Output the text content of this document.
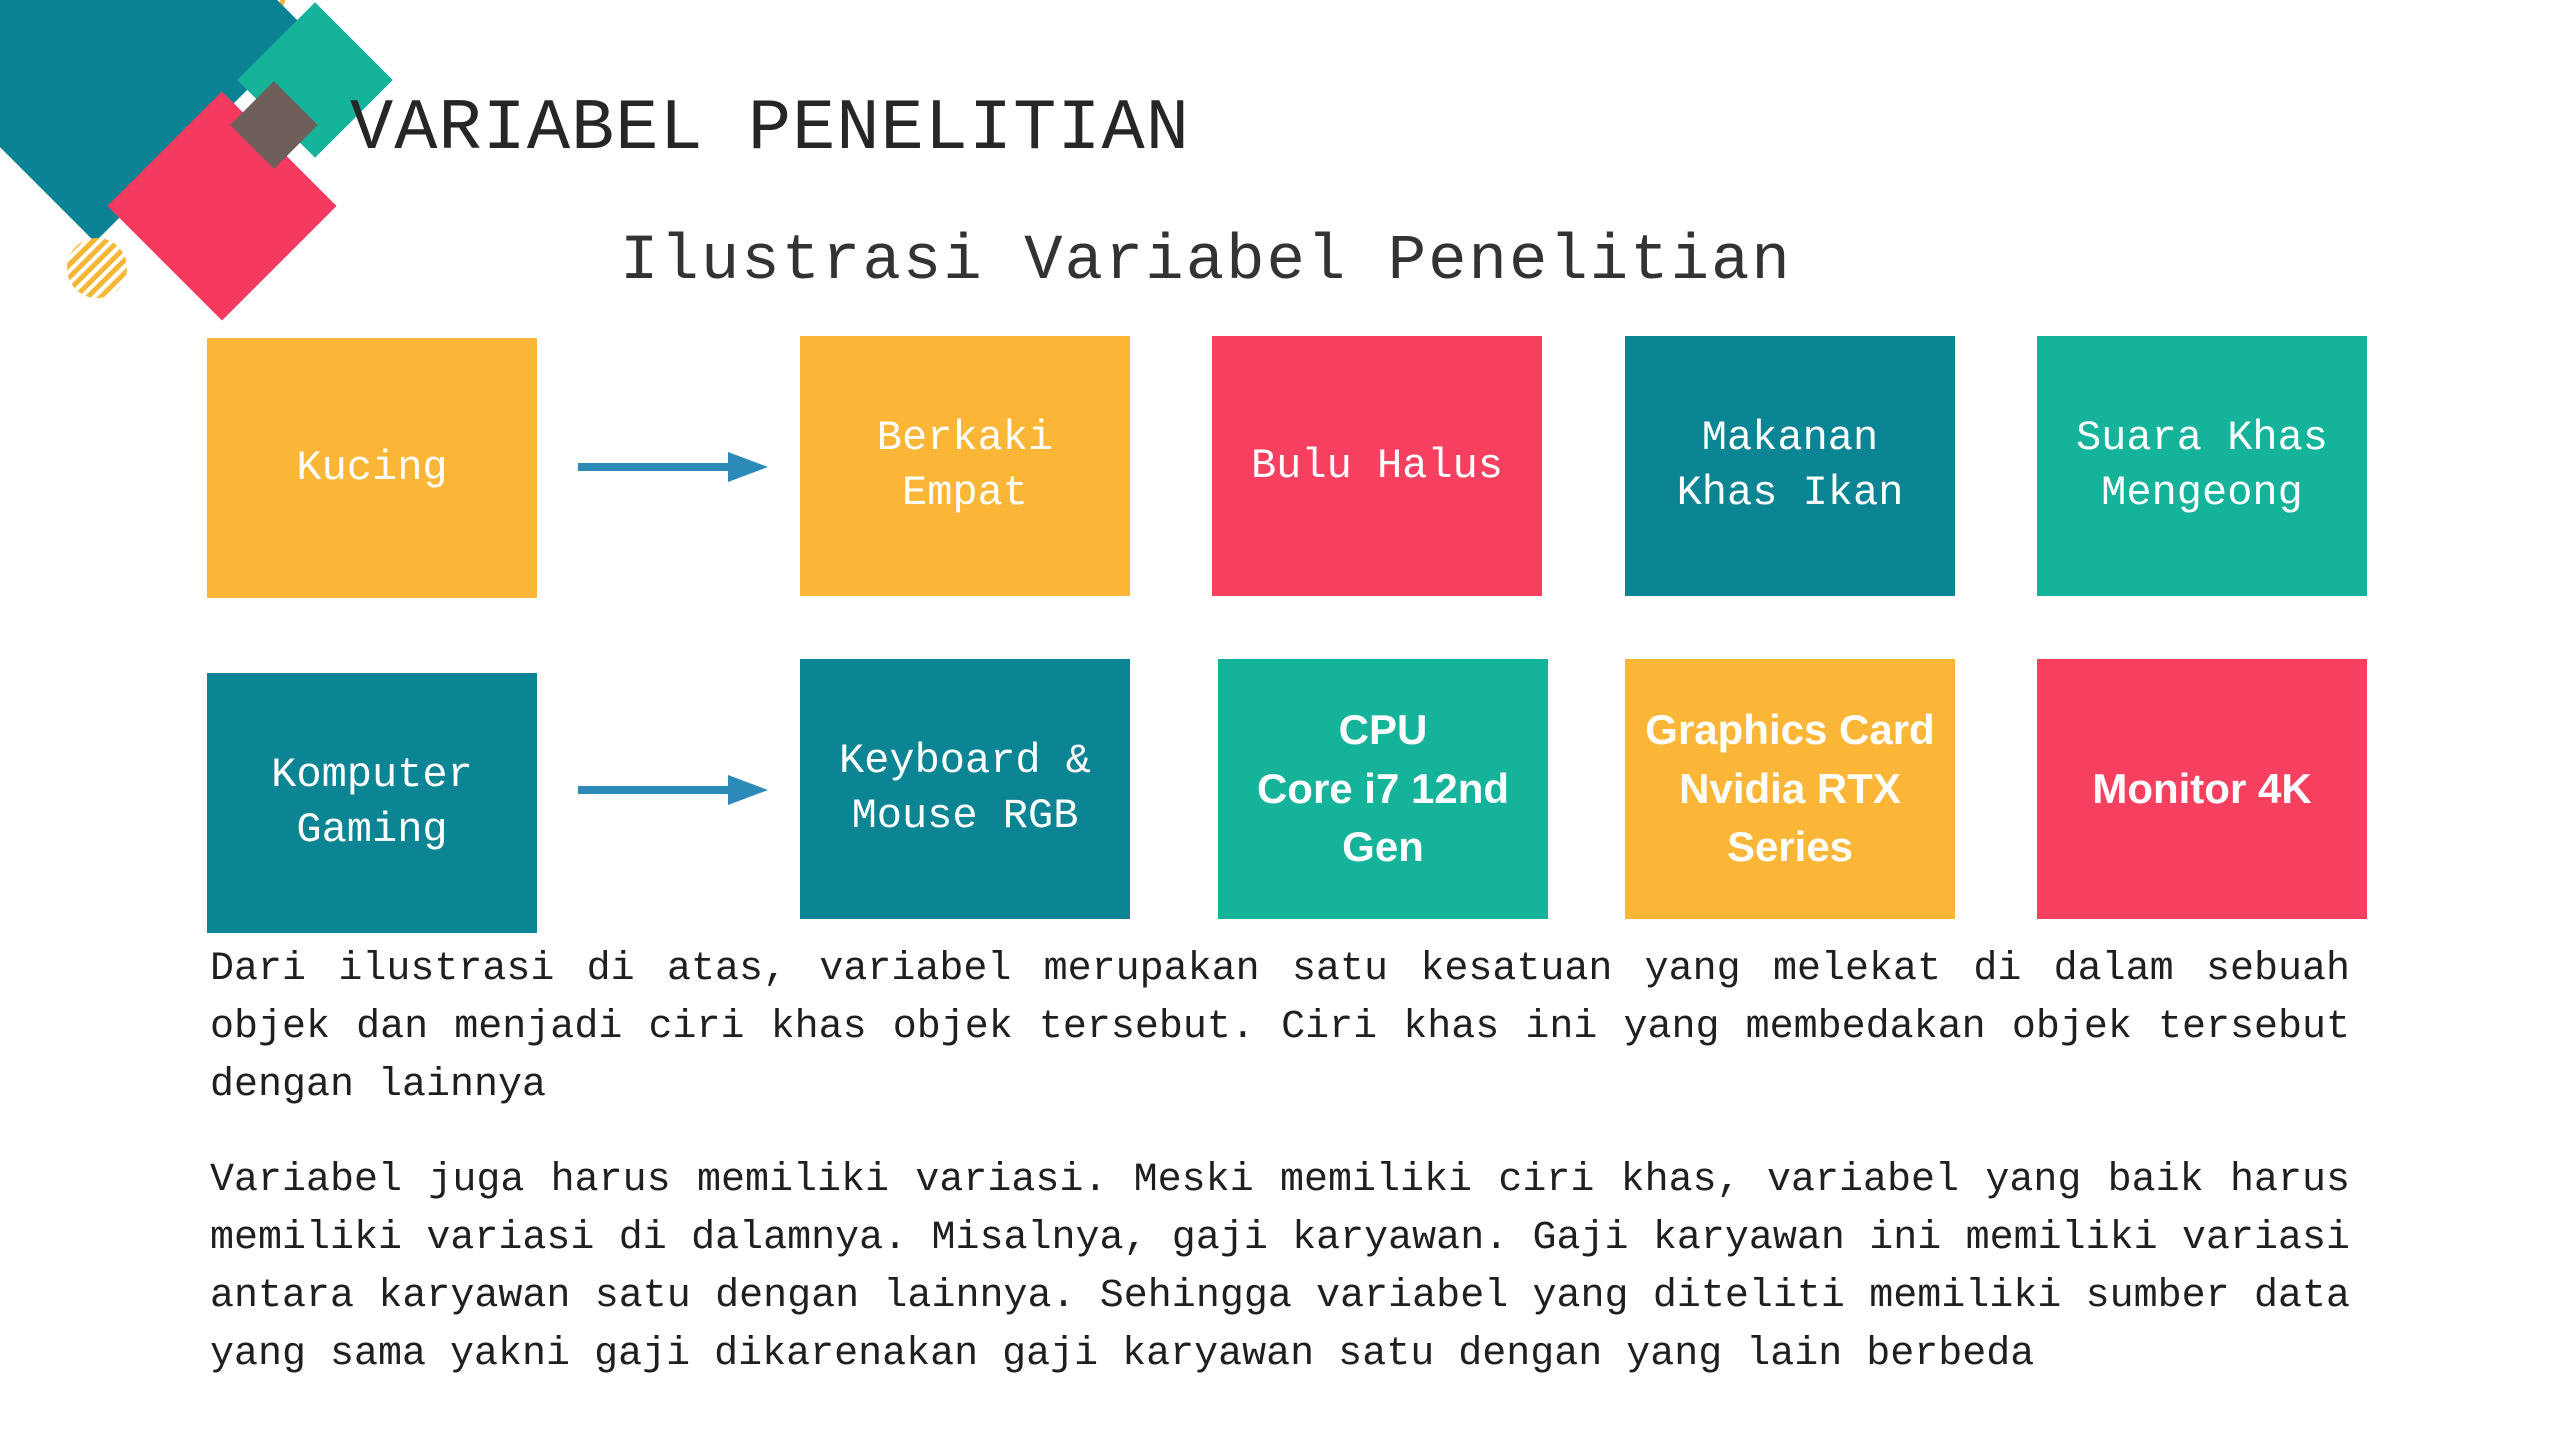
VARIABEL PENELITIAN
Ilustrasi Variabel Penelitian
Kucing
Berkaki
Empat
Bulu Halus
Makanan
Khas Ikan
Suara Khas
Mengeong
Komputer
Gaming
Keyboard &
Mouse RGB
CPU
Core i7 12nd
Gen
Graphics Card
Nvidia RTX
Series
Monitor 4K
Dari ilustrasi di atas, variabel merupakan satu kesatuan yang melekat di dalam sebuah objek dan menjadi ciri khas objek tersebut. Ciri khas ini yang membedakan objek tersebut dengan lainnya
Variabel juga harus memiliki variasi. Meski memiliki ciri khas, variabel yang baik harus memiliki variasi di dalamnya. Misalnya, gaji karyawan. Gaji karyawan ini memiliki variasi antara karyawan satu dengan lainnya. Sehingga variabel yang diteliti memiliki sumber data yang sama yakni gaji dikarenakan gaji karyawan satu dengan yang lain berbeda
